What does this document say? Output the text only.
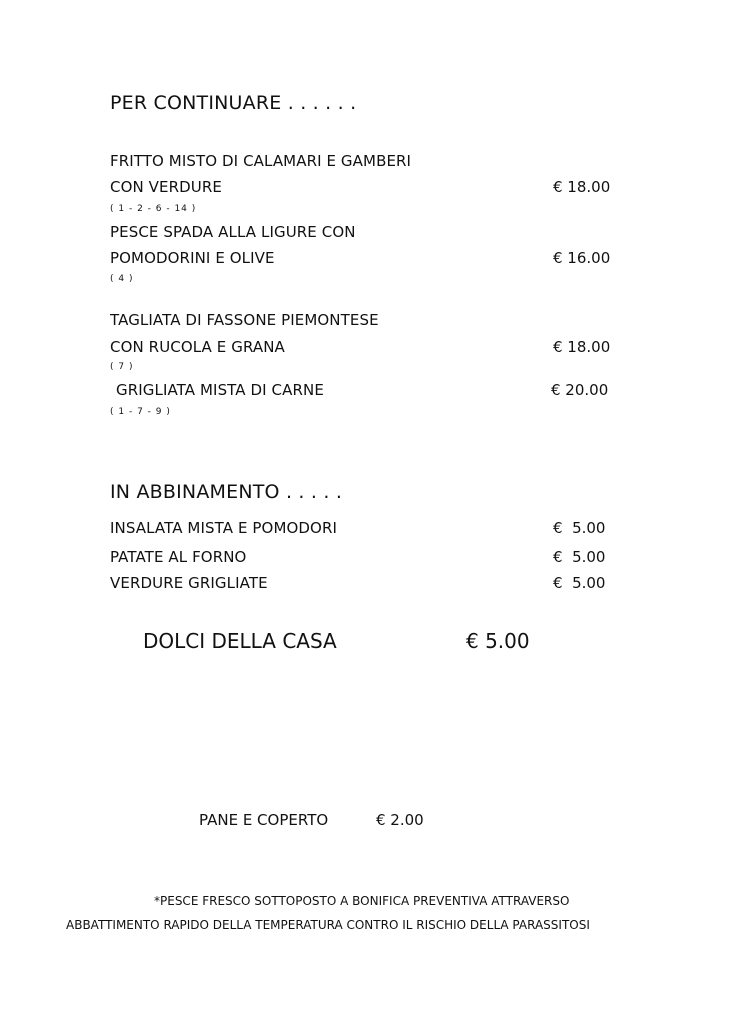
PER CONTINUARE . . . . . .

FRITTO MISTO DI CALAMARI E GAMBERI

CON VERDURE	€ 18.00

( 1 - 2 - 6 - 14 )

PESCE SPADA ALLA LIGURE CON

POMODORINI E OLIVE	€ 16.00

( 4 )

TAGLIATA DI FASSONE PIEMONTESE

CON RUCOLA E GRANA	€ 18.00

( 7 )

GRIGLIATA MISTA DI CARNE	€ 20.00

( 1 - 7 - 9 )

IN ABBINAMENTO . . . . .

INSALATA MISTA E POMODORI	€  5.00

PATATE AL FORNO	€  5.00

VERDURE GRIGLIATE	€  5.00

DOLCI DELLA CASA	€ 5.00

PANE E COPERTO	€ 2.00

*PESCE FRESCO SOTTOPOSTO A BONIFICA PREVENTIVA ATTRAVERSO

ABBATTIMENTO RAPIDO DELLA TEMPERATURA CONTRO IL RISCHIO DELLA PARASSITOSI
